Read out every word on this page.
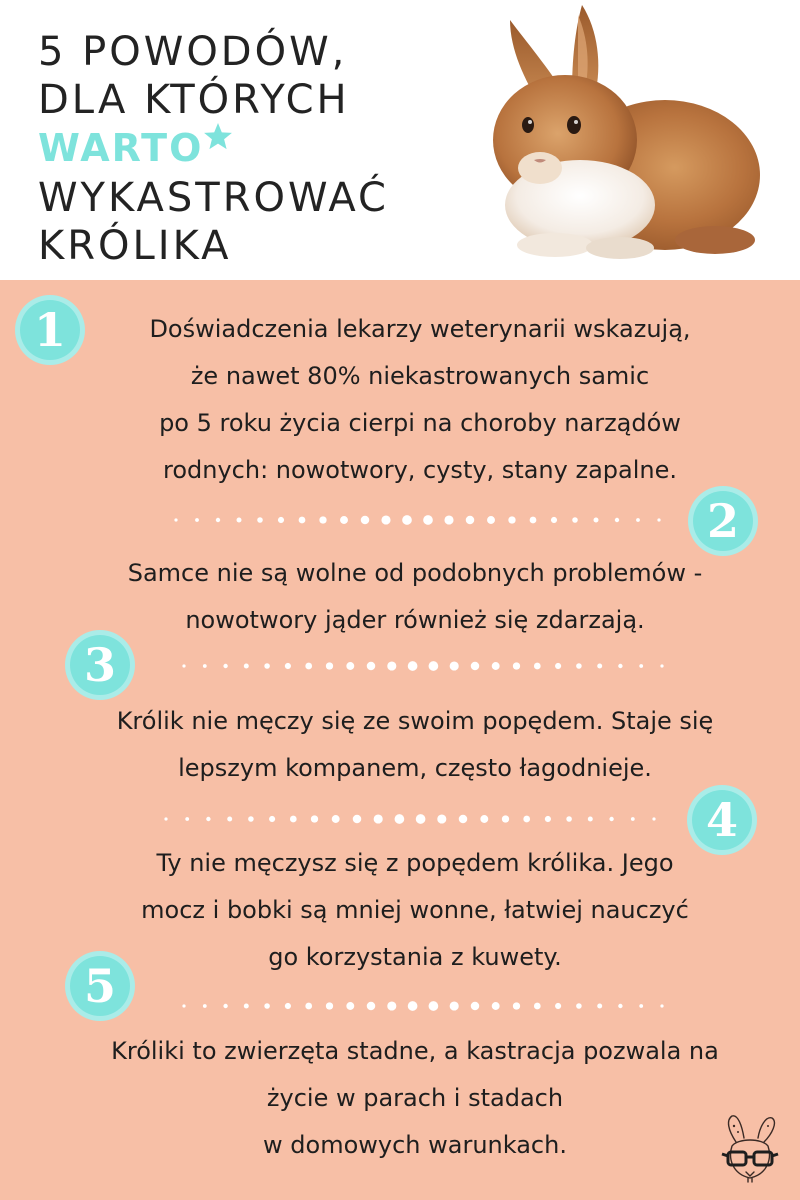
5 POWODÓW,
DLA KTÓRYCH
WARTO
WYKASTROWAĆ
KRÓLIKA
1	Doświadczenia lekarzy weterynarii wskazują,
że nawet 80% niekastrowanych samic
po 5 roku życia cierpi na choroby narządów
rodnych: nowotwory, cysty, stany zapalne.
2
Samce nie są wolne od podobnych problemów -
nowotwory jąder również się zdarzają.
3
Królik nie męczy się ze swoim popędem. Staje się
lepszym kompanem, często łagodnieje.
4
Ty nie męczysz się z popędem królika. Jego
mocz i bobki są mniej wonne, łatwiej nauczyć
go korzystania z kuwety.
5
Króliki to zwierzęta stadne, a kastracja pozwala na
życie w parach i stadach
w domowych warunkach.
